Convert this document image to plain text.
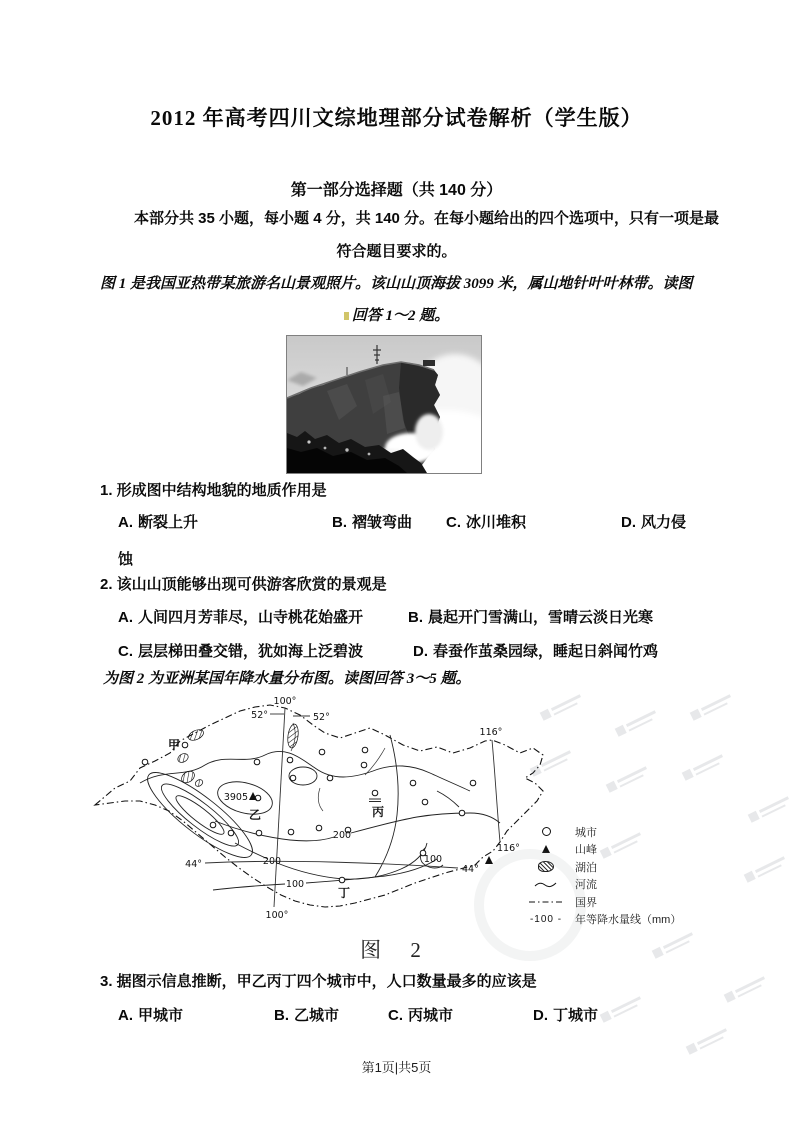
2012 年高考四川文综地理部分试卷解析（学生版）
第一部分选择题（共 140 分）
本部分共 35 小题，每小题 4 分，共 140 分。在每小题给出的四个选项中，只有一项是最
符合题目要求的。
图 1 是我国亚热带某旅游名山景观照片。该山山顶海拔 3099 米，属山地针叶叶林带。读图
回答 1～2 题。
1. 形成图中结构地貌的地质作用是
A. 断裂上升	B. 褶皱弯曲 C. 冰川堆积	D. 风力侵
蚀
2. 该山山顶能够出现可供游客欣赏的景观是
A. 人间四月芳菲尽，山寺桃花始盛开	B. 晨起开门雪满山，雪晴云淡日光寒
C. 层层梯田叠交错，犹如海上泛碧波	D. 春蚕作茧桑园绿，睡起日斜闻竹鸡
为图 2 为亚洲某国年降水量分布图。读图回答 3～5 题。
100°
52°	52°
116°
116°
44°	44°
100°
甲
乙	丙
丁
3905
200
200
100
100
城市
山峰
湖泊
河流
国界
-100 - 年等降水量线（mm）
图 2
3. 据图示信息推断，甲乙丙丁四个城市中，人口数量最多的应该是
A. 甲城市	B. 乙城市	C. 丙城市	D. 丁城市
第1页|共5页
